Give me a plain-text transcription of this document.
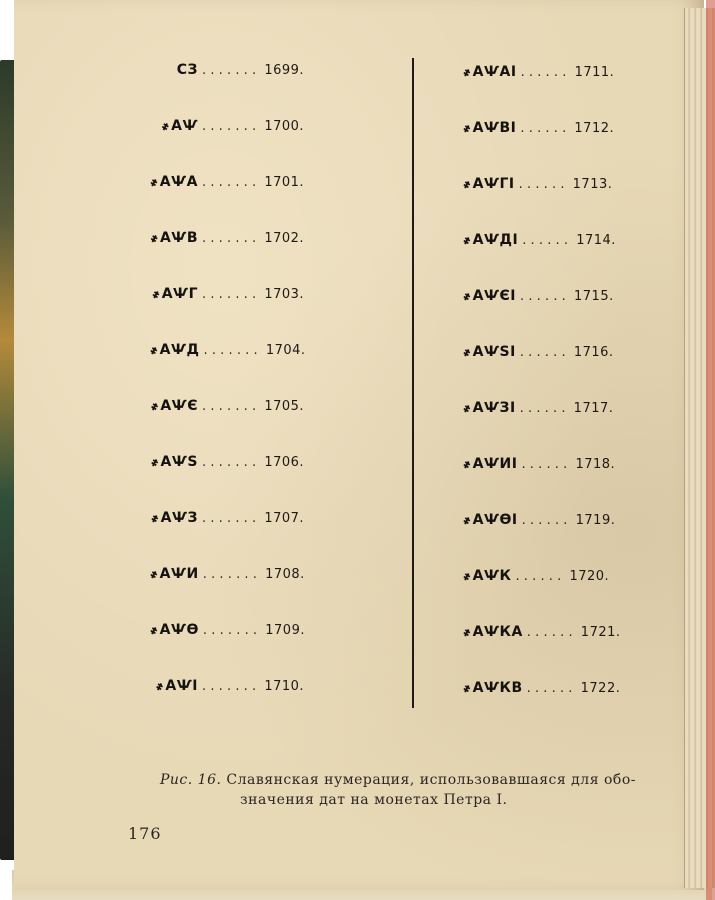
СЗ ....... 1699.
҂АѰ ....... 1700.
҂АѰА ....... 1701.
҂АѰВ ....... 1702.
҂АѰГ ....... 1703.
҂АѰД ....... 1704.
҂АѰЄ ....... 1705.
҂АѰЅ ....... 1706.
҂АѰЗ ....... 1707.
҂АѰИ ....... 1708.
҂АѰѲ ....... 1709.
҂АѰІ ....... 1710.
҂АѰАІ ...... 1711.
҂АѰВІ ...... 1712.
҂АѰГІ ...... 1713.
҂АѰДІ ...... 1714.
҂АѰЄІ ...... 1715.
҂АѰЅІ ...... 1716.
҂АѰЗІ ...... 1717.
҂АѰИІ ...... 1718.
҂АѰѲІ ...... 1719.
҂АѰК ...... 1720.
҂АѰКА ...... 1721.
҂АѰКВ ...... 1722.
Рис. 16. Славянская нумерация, использовавшаяся для обо-
значения дат на монетах Петра I.
176
